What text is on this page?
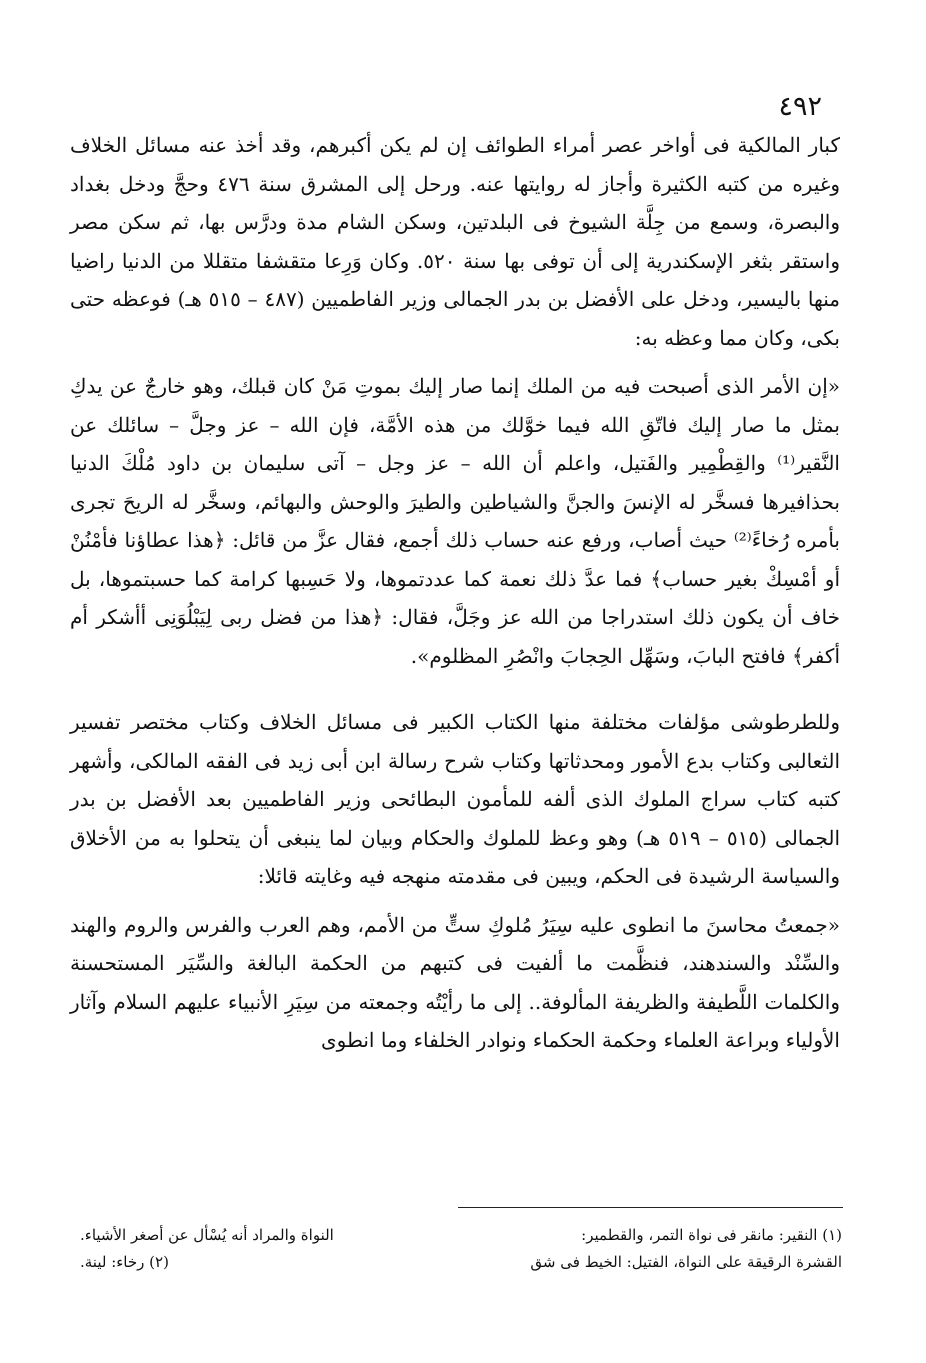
٤٩٢

كبار المالكية فى أواخر عصر أمراء الطوائف إن لم يكن أكبرهم، وقد أخذ عنه مسائل الخلاف وغيره من كتبه الكثيرة وأجاز له روايتها عنه. ورحل إلى المشرق سنة ٤٧٦ وحجَّ ودخل بغداد والبصرة، وسمع من جِلَّة الشيوخ فى البلدتين، وسكن الشام مدة ودرَّس بها، ثم سكن مصر واستقر بثغر الإسكندرية إلى أن توفى بها سنة ٥٢٠. وكان وَرِعا متقشفا متقللا من الدنيا راضيا منها باليسير، ودخل على الأفضل بن بدر الجمالى وزير الفاطميين (٤٨٧ – ٥١٥ هـ) فوعظه حتى بكى، وكان مما وعظه به:

«إن الأمر الذى أصبحت فيه من الملك إنما صار إليك بموتِ مَنْ كان قبلك، وهو خارجٌ عن يدكِ بمثل ما صار إليك فاتّقِ الله فيما خوَّلك من هذه الأمَّة، فإن الله – عز وجلَّ – سائلك عن النَّقير⁽¹⁾ والقِطْمِير والفَتيل، واعلم أن الله – عز وجل – آتى سليمان بن داود مُلْكَ الدنيا بحذافيرها فسخَّر له الإنسَ والجنَّ والشياطين والطيرَ والوحش والبهائم، وسخَّر له الريحَ تجرى بأمره رُخاءً⁽²⁾ حيث أصاب، ورفع عنه حساب ذلك أجمع، فقال عزَّ من قائل: ﴿هذا عطاؤنا فأمْنُنْ أو أمْسِكْ بغير حساب﴾ فما عدَّ ذلك نعمة كما عددتموها، ولا حَسِبها كرامة كما حسبتموها، بل خاف أن يكون ذلك استدراجا من الله عز وجَلَّ، فقال: ﴿هذا من فضل ربى لِيَبْلُوَنِى أأشكر أم أكفر﴾ فافتح البابَ، وسَهِّل الحِجابَ وانْصُرِ المظلوم».

وللطرطوشى مؤلفات مختلفة منها الكتاب الكبير فى مسائل الخلاف وكتاب مختصر تفسير الثعالبى وكتاب بدع الأمور ومحدثاتها وكتاب شرح رسالة ابن أبى زيد فى الفقه المالكى، وأشهر كتبه كتاب سراج الملوك الذى ألفه للمأمون البطائحى وزير الفاطميين بعد الأفضل بن بدر الجمالى (٥١٥ – ٥١٩ هـ) وهو وعظ للملوك والحكام وبيان لما ينبغى أن يتحلوا به من الأخلاق والسياسة الرشيدة فى الحكم، ويبين فى مقدمته منهجه فيه وغايته قائلا:

«جمعتُ محاسنَ ما انطوى عليه سِيَرُ مُلوكِ ستٍّ من الأمم، وهم العرب والفرس والروم والهند والسِّنْد والسندهند، فنظَّمت ما ألفيت فى كتبهم من الحكمة البالغة والسِّيَر المستحسنة والكلمات اللَّطيفة والظريفة المألوفة.. إلى ما رأيْتُه وجمعته من سِيَرِ الأنبياء عليهم السلام وآثار الأولياء وبراعة العلماء وحكمة الحكماء ونوادر الخلفاء وما انطوى

(١) النقير: مانقر فى نواة التمر، والقطمير:
النواة والمراد أنه يُسْأل عن أصغر الأشياء.
القشرة الرقيقة على النواة، الفتيل: الخيط فى شق
(٢) رخاء: لينة.
